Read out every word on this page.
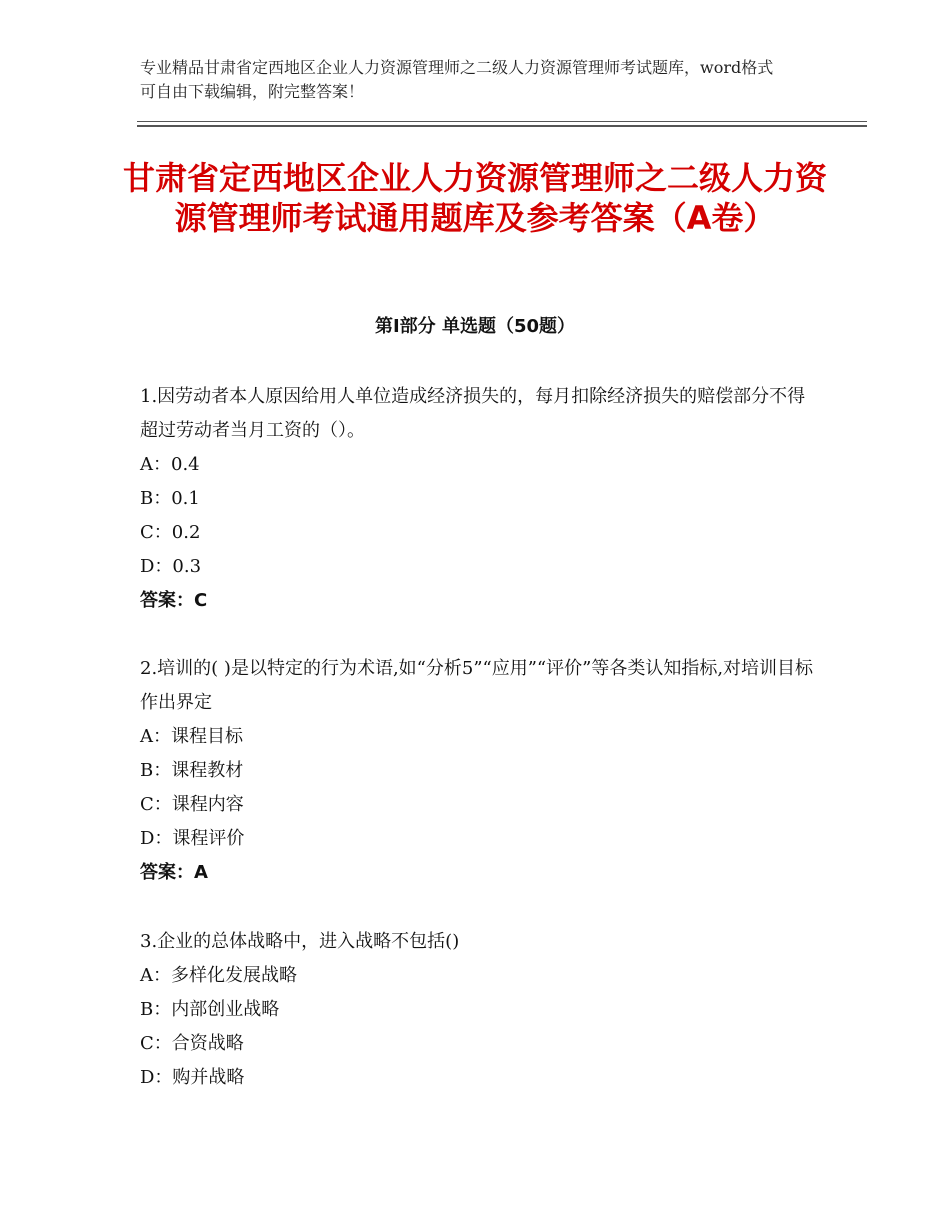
专业精品甘肃省定西地区企业人力资源管理师之二级人力资源管理师考试题库，word格式可自由下载编辑，附完整答案！
甘肃省定西地区企业人力资源管理师之二级人力资源管理师考试通用题库及参考答案（A卷）
第Ⅰ部分 单选题（50题）
1.因劳动者本人原因给用人单位造成经济损失的，每月扣除经济损失的赔偿部分不得超过劳动者当月工资的（）。
A：0.4
B：0.1
C：0.2
D：0.3
答案：C
2.培训的( )是以特定的行为术语,如“分析5”“应用”“评价”等各类认知指标,对培训目标作出界定
A：课程目标
B：课程教材
C：课程内容
D：课程评价
答案：A
3.企业的总体战略中，进入战略不包括()
A：多样化发展战略
B：内部创业战略
C：合资战略
D：购并战略
